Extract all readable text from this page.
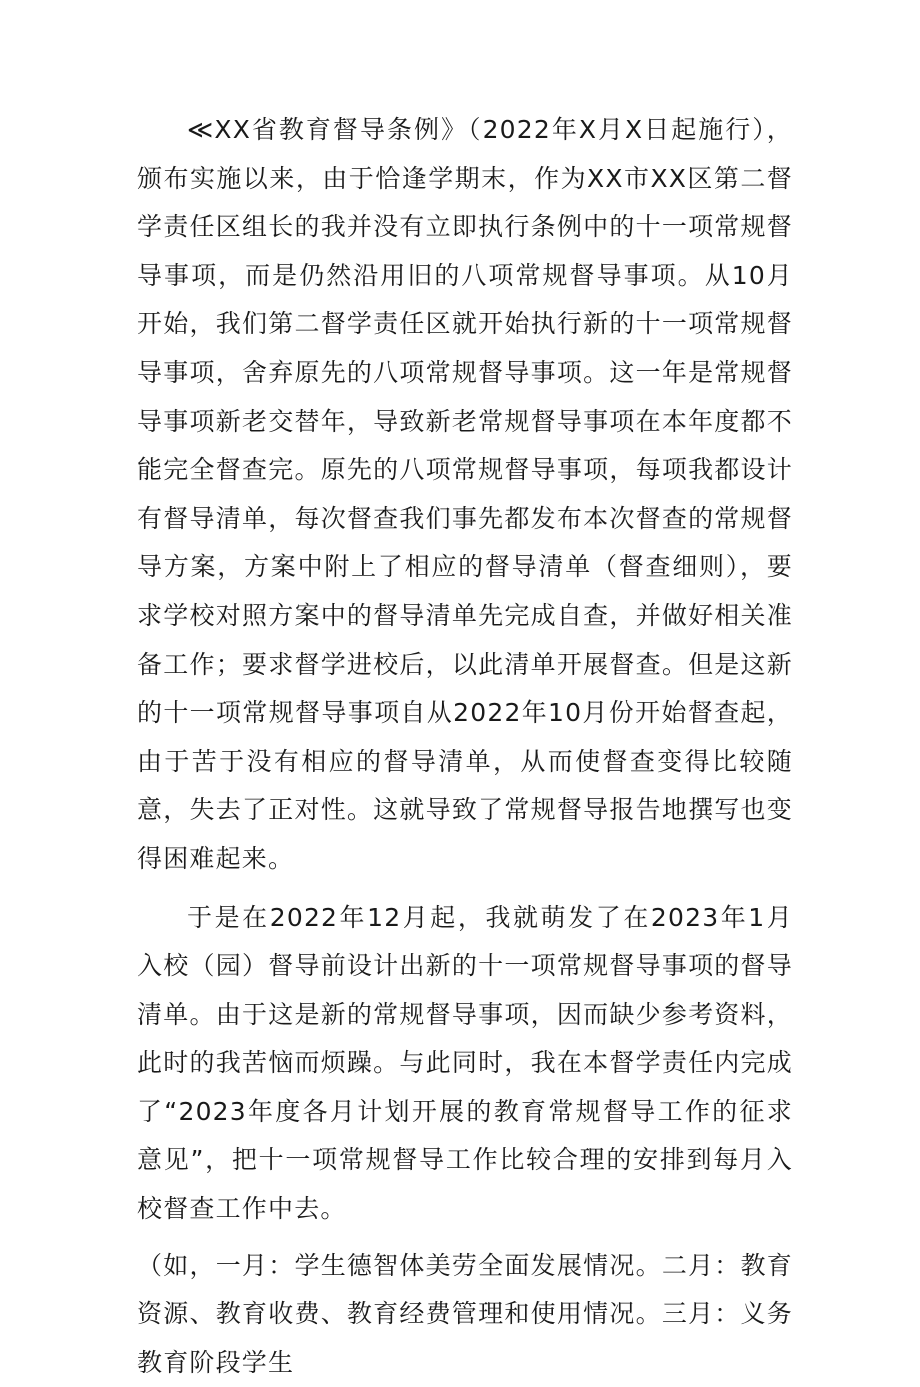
≪XX省教育督导条例》（2022年X月X日起施行），颁布实施以来，由于恰逢学期末，作为XX市XX区第二督学责任区组长的我并没有立即执行条例中的十一项常规督导事项，而是仍然沿用旧的八项常规督导事项。从10月开始，我们第二督学责任区就开始执行新的十一项常规督导事项，舍弃原先的八项常规督导事项。这一年是常规督导事项新老交替年，导致新老常规督导事项在本年度都不能完全督查完。原先的八项常规督导事项，每项我都设计有督导清单，每次督查我们事先都发布本次督查的常规督导方案，方案中附上了相应的督导清单（督查细则），要求学校对照方案中的督导清单先完成自查，并做好相关准备工作；要求督学进校后，以此清单开展督查。但是这新的十一项常规督导事项自从2022年10月份开始督查起，由于苦于没有相应的督导清单，从而使督查变得比较随意，失去了正对性。这就导致了常规督导报告地撰写也变得困难起来。

于是在2022年12月起，我就萌发了在2023年1月入校（园）督导前设计出新的十一项常规督导事项的督导清单。由于这是新的常规督导事项，因而缺少参考资料，此时的我苦恼而烦躁。与此同时，我在本督学责任内完成了“2023年度各月计划开展的教育常规督导工作的征求意见”，把十一项常规督导工作比较合理的安排到每月入校督查工作中去。

（如，一月：学生德智体美劳全面发展情况。二月：教育资源、教育收费、教育经费管理和使用情况。三月：义务教育阶段学生
